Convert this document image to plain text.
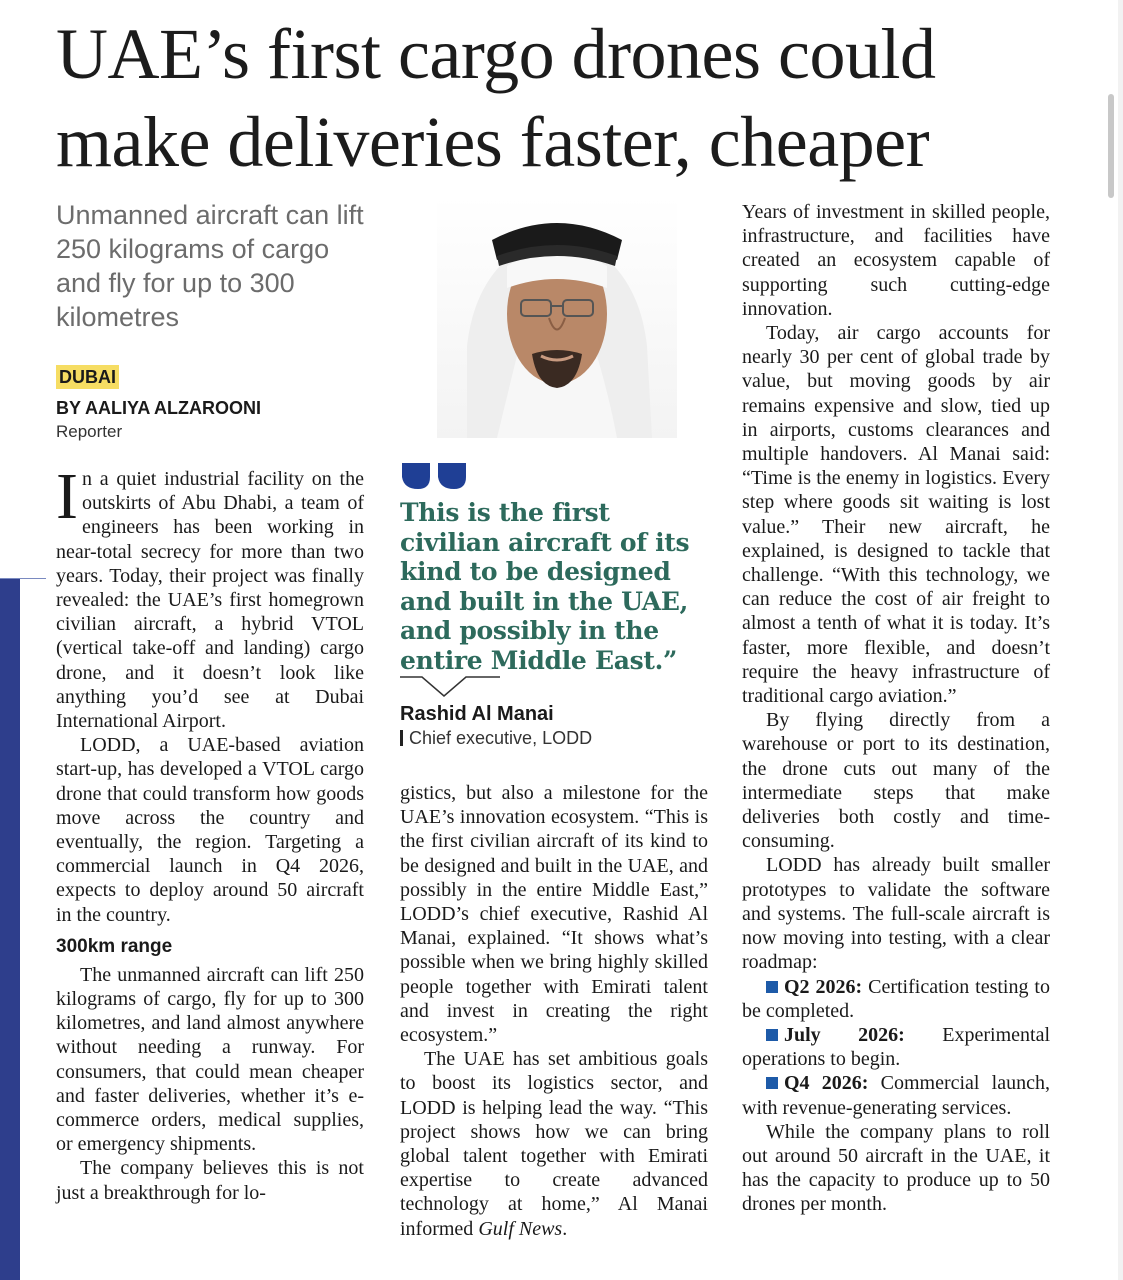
UAE’s first cargo drones could
make deliveries faster, cheaper
Unmanned aircraft can lift 250 kilograms of cargo and fly for up to 300 kilometres
DUBAI
BY AALIYA ALZAROONI
Reporter

In a quiet industrial facility on the outskirts of Abu Dhabi, a team of engineers has been working in near-total secrecy for more than two years. Today, their project was finally revealed: the UAE’s first homegrown civilian aircraft, a hybrid VTOL (vertical take-off and landing) cargo drone, and it doesn’t look like anything you’d see at Dubai International Airport.

LODD, a UAE-based aviation start-up, has developed a VTOL cargo drone that could transform how goods move across the country and eventually, the region. Targeting a commercial launch in Q4 2026, expects to deploy around 50 aircraft in the country.

300km range

The unmanned aircraft can lift 250 kilograms of cargo, fly for up to 300 kilometres, and land almost anywhere without needing a runway. For consumers, that could mean cheaper and faster deliveries, whether it’s e-commerce orders, medical supplies, or emergency shipments.

The company believes this is not just a breakthrough for lo-

This is the first civilian aircraft of its kind to be designed and built in the UAE, and possibly in the entire Middle East.”
Rashid Al Manai
Chief executive, LODD

gistics, but also a milestone for the UAE’s innovation ecosystem. “This is the first civilian aircraft of its kind to be designed and built in the UAE, and possibly in the entire Middle East,” LODD’s chief executive, Rashid Al Manai, explained. “It shows what’s possible when we bring highly skilled people together with Emirati talent and invest in creating the right ecosystem.”

The UAE has set ambitious goals to boost its logistics sector, and LODD is helping lead the way. “This project shows how we can bring global talent together with Emirati expertise to create advanced technology at home,” Al Manai informed Gulf News.

Years of investment in skilled people, infrastructure, and facilities have created an ecosystem capable of supporting such cutting-edge innovation.

Today, air cargo accounts for nearly 30 per cent of global trade by value, but moving goods by air remains expensive and slow, tied up in airports, customs clearances and multiple handovers. Al Manai said: “Time is the enemy in logistics. Every step where goods sit waiting is lost value.” Their new aircraft, he explained, is designed to tackle that challenge. “With this technology, we can reduce the cost of air freight to almost a tenth of what it is today. It’s faster, more flexible, and doesn’t require the heavy infrastructure of traditional cargo aviation.”

By flying directly from a warehouse or port to its destination, the drone cuts out many of the intermediate steps that make deliveries both costly and time-consuming.

LODD has already built smaller prototypes to validate the software and systems. The full-scale aircraft is now moving into testing, with a clear roadmap:

Q2 2026: Certification testing to be completed.

July 2026: Experimental operations to begin.

Q4 2026: Commercial launch, with revenue-generating services.

While the company plans to roll out around 50 aircraft in the UAE, it has the capacity to produce up to 50 drones per month.
